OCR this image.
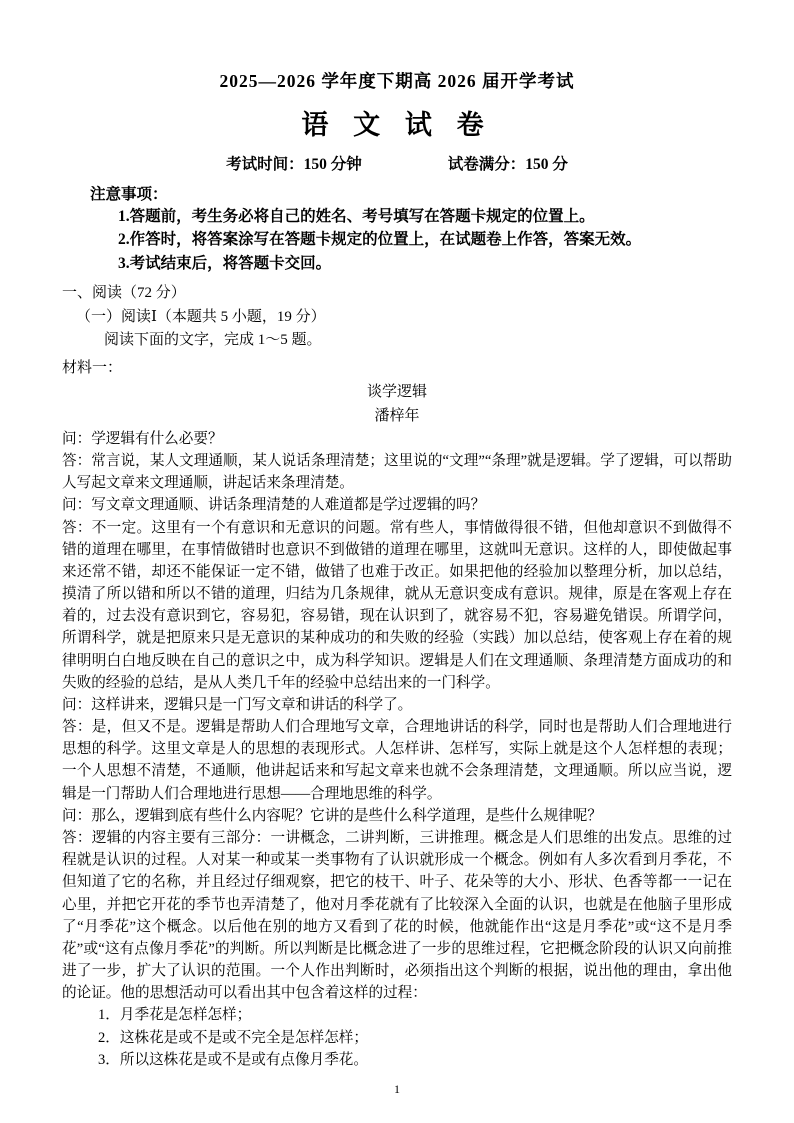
2025—2026 学年度下期高 2026 届开学考试
语 文 试 卷
考试时间：150 分钟	试卷满分：150 分
注意事项：
1.答题前，考生务必将自己的姓名、考号填写在答题卡规定的位置上。
2.作答时，将答案涂写在答题卡规定的位置上，在试题卷上作答，答案无效。
3.考试结束后，将答题卡交回。
一、阅读（72 分）
（一）阅读Ⅰ（本题共 5 小题，19 分）
阅读下面的文字，完成 1～5 题。
材料一：
谈学逻辑
潘梓年

问：学逻辑有什么必要？

答：常言说，某人文理通顺，某人说话条理清楚；这里说的“文理”“条理”就是逻辑。学了逻辑，可以帮助人写起文章来文理通顺，讲起话来条理清楚。

问：写文章文理通顺、讲话条理清楚的人难道都是学过逻辑的吗？

答：不一定。这里有一个有意识和无意识的问题。常有些人，事情做得很不错，但他却意识不到做得不错的道理在哪里，在事情做错时也意识不到做错的道理在哪里，这就叫无意识。这样的人，即使做起事来还常不错，却还不能保证一定不错，做错了也难于改正。如果把他的经验加以整理分析，加以总结，摸清了所以错和所以不错的道理，归结为几条规律，就从无意识变成有意识。规律，原是在客观上存在着的，过去没有意识到它，容易犯，容易错，现在认识到了，就容易不犯，容易避免错误。所谓学问，所谓科学，就是把原来只是无意识的某种成功的和失败的经验（实践）加以总结，使客观上存在着的规律明明白白地反映在自己的意识之中，成为科学知识。逻辑是人们在文理通顺、条理清楚方面成功的和失败的经验的总结，是从人类几千年的经验中总结出来的一门科学。

问：这样讲来，逻辑只是一门写文章和讲话的科学了。

答：是，但又不是。逻辑是帮助人们合理地写文章，合理地讲话的科学，同时也是帮助人们合理地进行思想的科学。这里文章是人的思想的表现形式。人怎样讲、怎样写，实际上就是这个人怎样想的表现；一个人思想不清楚，不通顺，他讲起话来和写起文章来也就不会条理清楚，文理通顺。所以应当说，逻辑是一门帮助人们合理地进行思想——合理地思维的科学。

问：那么，逻辑到底有些什么内容呢？它讲的是些什么科学道理，是些什么规律呢？

答：逻辑的内容主要有三部分：一讲概念，二讲判断，三讲推理。概念是人们思维的出发点。思维的过程就是认识的过程。人对某一种或某一类事物有了认识就形成一个概念。例如有人多次看到月季花，不但知道了它的名称，并且经过仔细观察，把它的枝干、叶子、花朵等的大小、形状、色香等都一一记在心里，并把它开花的季节也弄清楚了，他对月季花就有了比较深入全面的认识，也就是在他脑子里形成了“月季花”这个概念。以后他在别的地方又看到了花的时候，他就能作出“这是月季花”或“这不是月季花”或“这有点像月季花”的判断。所以判断是比概念进了一步的思维过程，它把概念阶段的认识又向前推进了一步，扩大了认识的范围。一个人作出判断时，必须指出这个判断的根据，说出他的理由，拿出他的论证。他的思想活动可以看出其中包含着这样的过程：

1．月季花是怎样怎样；
2．这株花是或不是或不完全是怎样怎样；
3．所以这株花是或不是或有点像月季花。
1
